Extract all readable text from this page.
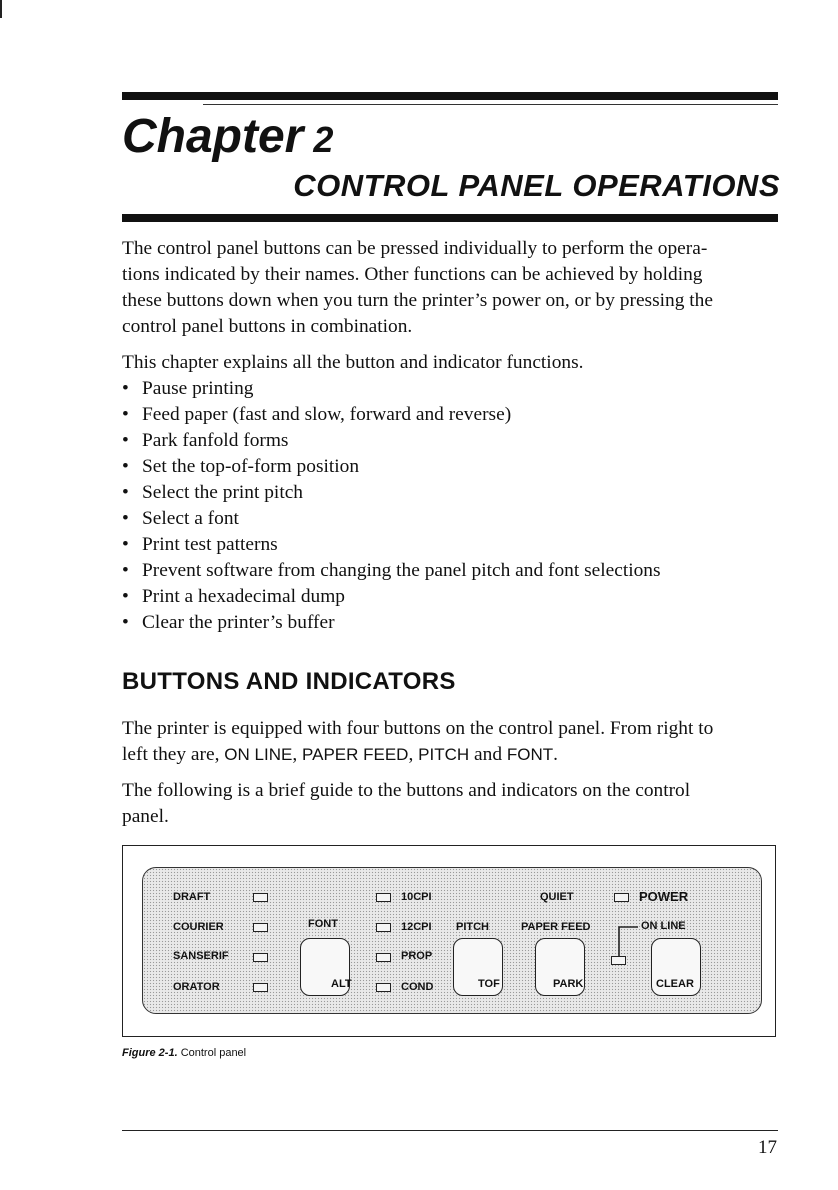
Chapter 2
CONTROL PANEL OPERATIONS
The control panel buttons can be pressed individually to perform the opera-
tions indicated by their names. Other functions can be achieved by holding
these buttons down when you turn the printer’s power on, or by pressing the
control panel buttons in combination.

This chapter explains all the button and indicator functions.

• Pause printing
• Feed paper (fast and slow, forward and reverse)
• Park fanfold forms
• Set the top-of-form position
• Select the print pitch
• Select a font
• Print test patterns
• Prevent software from changing the panel pitch and font selections
• Print a hexadecimal dump
• Clear the printer’s buffer
BUTTONS AND INDICATORS
The printer is equipped with four buttons on the control panel. From right to
left they are, ON LINE, PAPER FEED, PITCH and FONT.
The following is a brief guide to the buttons and indicators on the control
panel.
DRAFT
COURIER
SANSERIF
ORATOR
FONT
ALT
10CPI
12CPI
PROP
COND
PITCH
TOF
QUIET
PAPER FEED
PARK
POWER
ON LINE
CLEAR
Figure 2-1. Control panel
17
